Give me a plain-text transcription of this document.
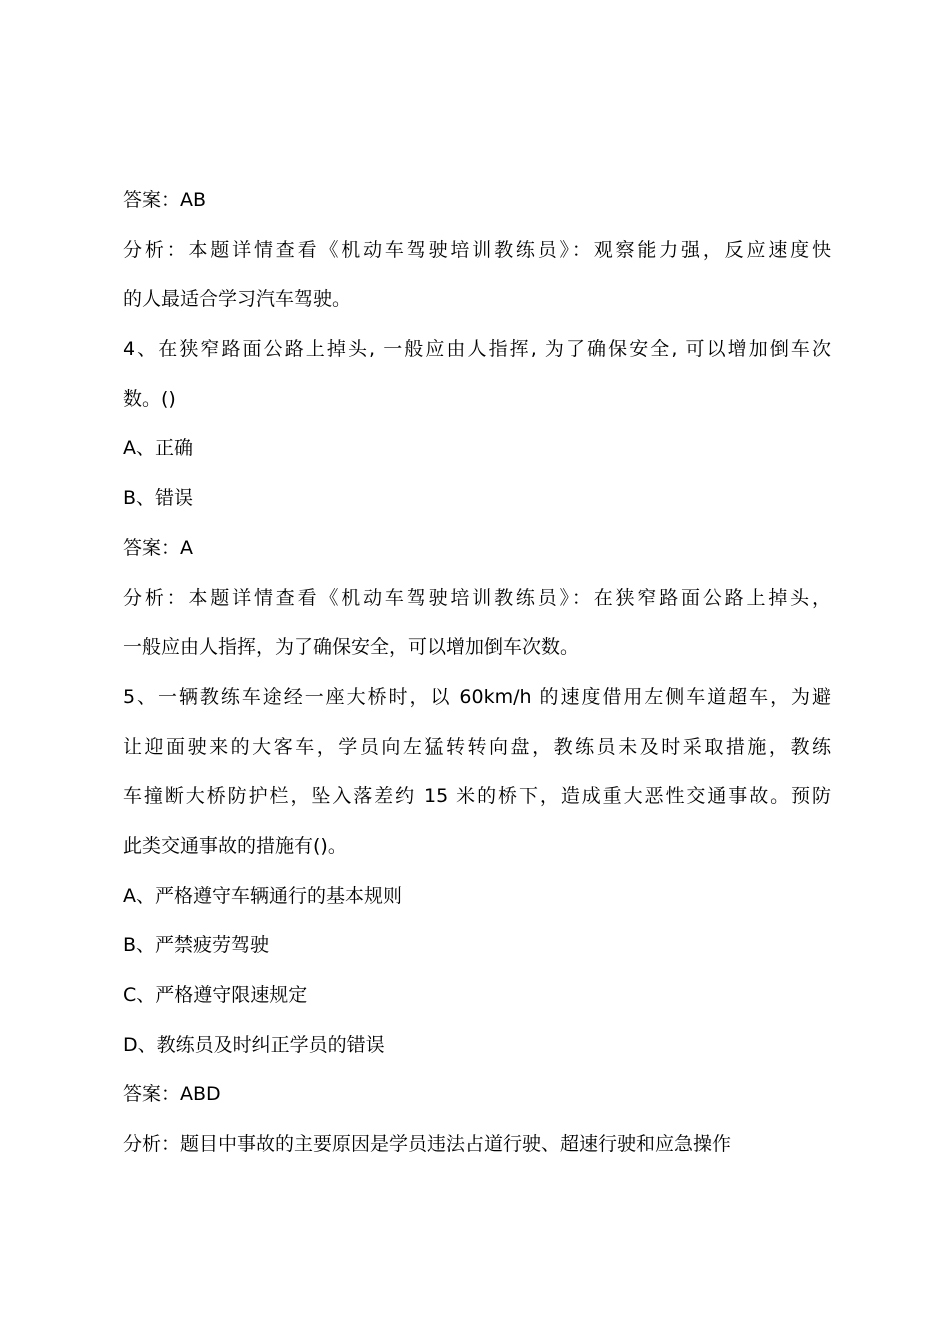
答案：AB
分析：本题详情查看《机动车驾驶培训教练员》：观察能力强，反应速度快
的人最适合学习汽车驾驶。
4、在狭窄路面公路上掉头, 一般应由人指挥, 为了确保安全, 可以增加倒车次
数。()
A、正确
B、错误
答案：A
分析：本题详情查看《机动车驾驶培训教练员》：在狭窄路面公路上掉头，
一般应由人指挥，为了确保安全，可以增加倒车次数。
5、一辆教练车途经一座大桥时，以 60km/h 的速度借用左侧车道超车，为避
让迎面驶来的大客车，学员向左猛转转向盘，教练员未及时采取措施，教练
车撞断大桥防护栏，坠入落差约 15 米的桥下，造成重大恶性交通事故。预防
此类交通事故的措施有()。
A、严格遵守车辆通行的基本规则
B、严禁疲劳驾驶
C、严格遵守限速规定
D、教练员及时纠正学员的错误
答案：ABD
分析：题目中事故的主要原因是学员违法占道行驶、超速行驶和应急操作
